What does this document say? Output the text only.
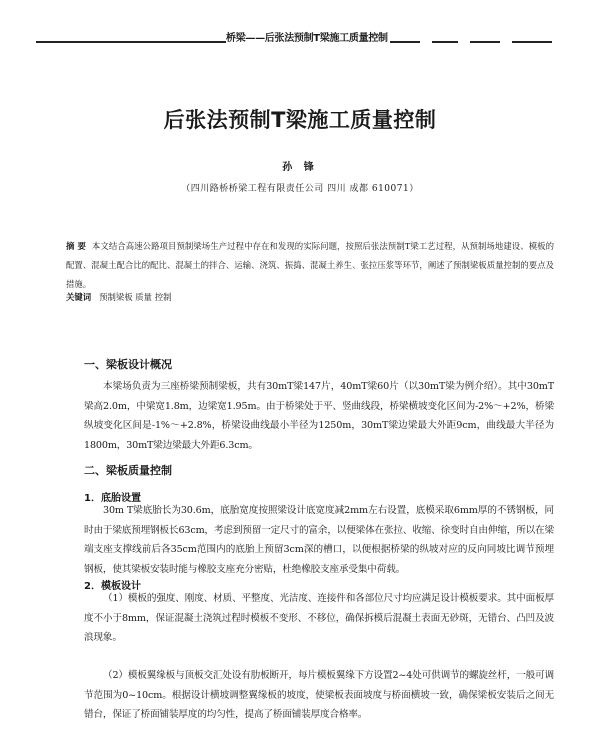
桥梁——后张法预制T梁施工质量控制
后张法预制T梁施工质量控制
孙 锋
（四川路桥桥梁工程有限责任公司 四川 成都 610071）

摘 要 本文结合高速公路项目预制梁场生产过程中存在和发现的实际问题，按照后张法预制T梁工艺过程，从预制场地建设、模板的配置、混凝土配合比的配比、混凝土的拌合、运输、浇筑、振捣、混凝土养生、张拉压浆等环节，阐述了预制梁板质量控制的要点及措施。

关键词 预制梁板 质量 控制

一、梁板设计概况

本梁场负责为三座桥梁预制梁板，共有30mT梁147片，40mT梁60片（以30mT梁为例介绍）。其中30mT梁高2.0m，中梁宽1.8m，边梁宽1.95m。由于桥梁处于平、竖曲线段，桥梁横坡变化区间为-2%～+2%，桥梁纵坡变化区间是-1%～+2.8%，桥梁设曲线最小半径为1250m，30mT梁边梁最大外距9cm，曲线最大半径为1800m，30mT梁边梁最大外距6.3cm。

二、梁板质量控制
1．底胎设置

30m T梁底胎长为30.6m，底胎宽度按照梁设计底宽度减2mm左右设置，底模采取6mm厚的不锈钢板，同时由于梁底预埋钢板长63cm，考虑到预留一定尺寸的富余，以便梁体在张拉、收缩、徐变时自由伸缩，所以在梁端支座支撑线前后各35cm范围内的底胎上预留3cm深的槽口，以便根据桥梁的纵坡对应的反向同坡比调节预埋钢板，使其梁板安装时能与橡胶支座充分密贴，杜绝橡胶支座承受集中荷载。

2．模板设计

（1）模板的强度、刚度、材质、平整度、光洁度、连接件和各部位尺寸均应满足设计模板要求。其中面板厚度不小于8mm，保证混凝土浇筑过程时模板不变形、不移位，确保拆模后混凝土表面无砂斑，无错台、凸凹及波浪现象。

（2）模板翼缘板与顶板交汇处设有肋板断开，每片模板翼缘下方设置2~4处可供调节的螺旋丝杆，一般可调节范围为0~10cm。根据设计横坡调整翼缘板的坡度，使梁板表面坡度与桥面横坡一致，确保梁板安装后之间无错台，保证了桥面铺装厚度的均匀性，提高了桥面铺装厚度合格率。
